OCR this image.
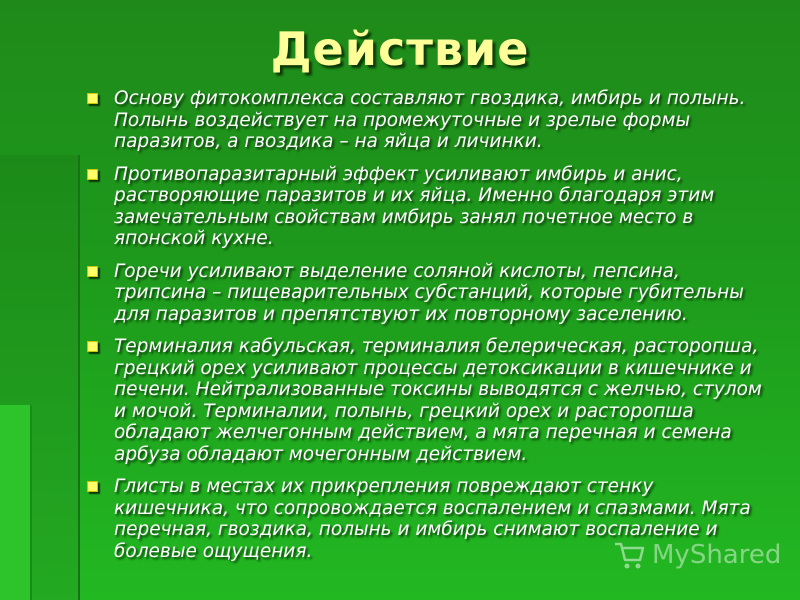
Действие
Основу фитокомплекса составляют гвоздика, имбирь и полынь. Полынь воздействует на промежуточные и зрелые формы паразитов, а гвоздика – на яйца и личинки.
Противопаразитарный эффект усиливают имбирь и анис, растворяющие паразитов и их яйца. Именно благодаря этим замечательным свойствам имбирь занял почетное место в японской кухне.
Горечи усиливают выделение соляной кислоты, пепсина, трипсина – пищеварительных субстанций, которые губительны для паразитов и препятствуют их повторному заселению.
Терминалия кабульская, терминалия белерическая, расторопша, грецкий орех усиливают процессы детоксикации в кишечнике и печени. Нейтрализованные токсины выводятся с желчью, стулом и мочой. Терминалии, полынь, грецкий орех и расторопша обладают желчегонным действием, а мята перечная и семена арбуза обладают мочегонным действием.
Глисты в местах их прикрепления повреждают стенку кишечника, что сопровождается воспалением и спазмами. Мята перечная, гвоздика, полынь и имбирь снимают воспаление и болевые ощущения.	MyShared
